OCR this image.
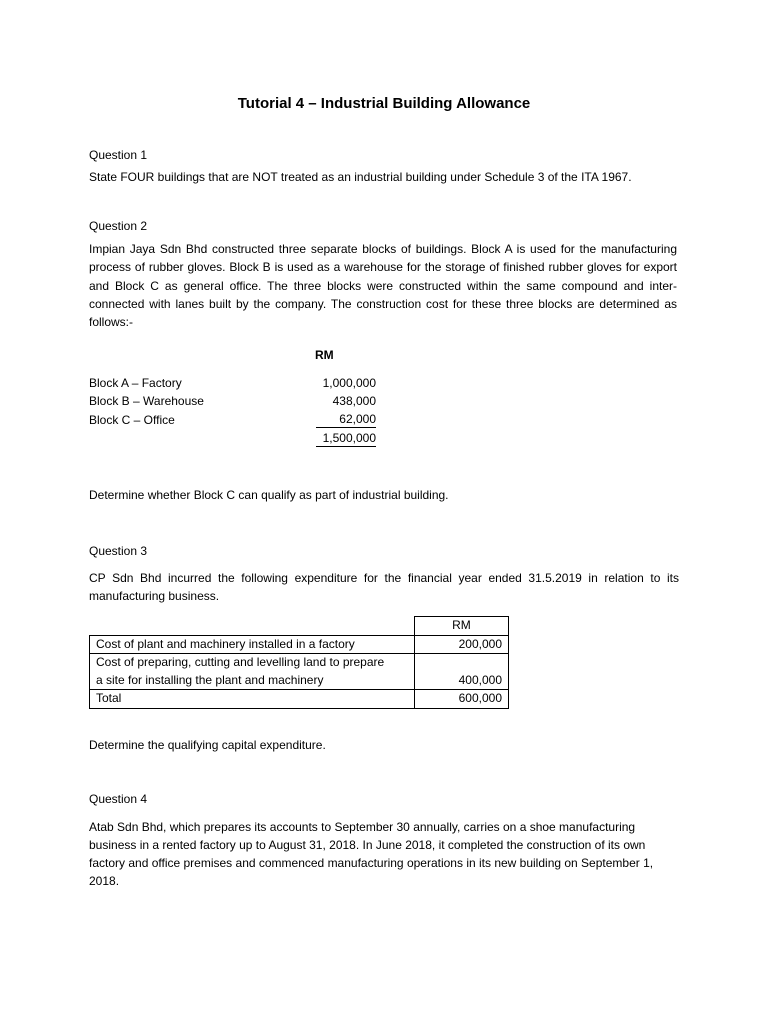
Tutorial 4 – Industrial Building Allowance
Question 1
State FOUR buildings that are NOT treated as an industrial building under Schedule 3 of the ITA 1967.
Question 2
Impian Jaya Sdn Bhd constructed three separate blocks of buildings. Block A is used for the manufacturing process of rubber gloves. Block B is used as a warehouse for the storage of finished rubber gloves for export and Block C as general office. The three blocks were constructed within the same compound and inter-connected with lanes built by the company. The construction cost for these three blocks are determined as follows:-
RM
Block A – Factory	1,000,000
Block B – Warehouse	438,000
Block C – Office	62,000
1,500,000
Determine whether Block C can qualify as part of industrial building.
Question 3
CP Sdn Bhd incurred the following expenditure for the financial year ended 31.5.2019 in relation to its manufacturing business.
	RM
Cost of plant and machinery installed in a factory	200,000

Cost of preparing, cutting and levelling land to prepare
a site for installing the plant and machinery	400,000
Total	600,000
Determine the qualifying capital expenditure.
Question 4
Atab Sdn Bhd, which prepares its accounts to September 30 annually, carries on a shoe manufacturing business in a rented factory up to August 31, 2018. In June 2018, it completed the construction of its own factory and office premises and commenced manufacturing operations in its new building on September 1, 2018.
